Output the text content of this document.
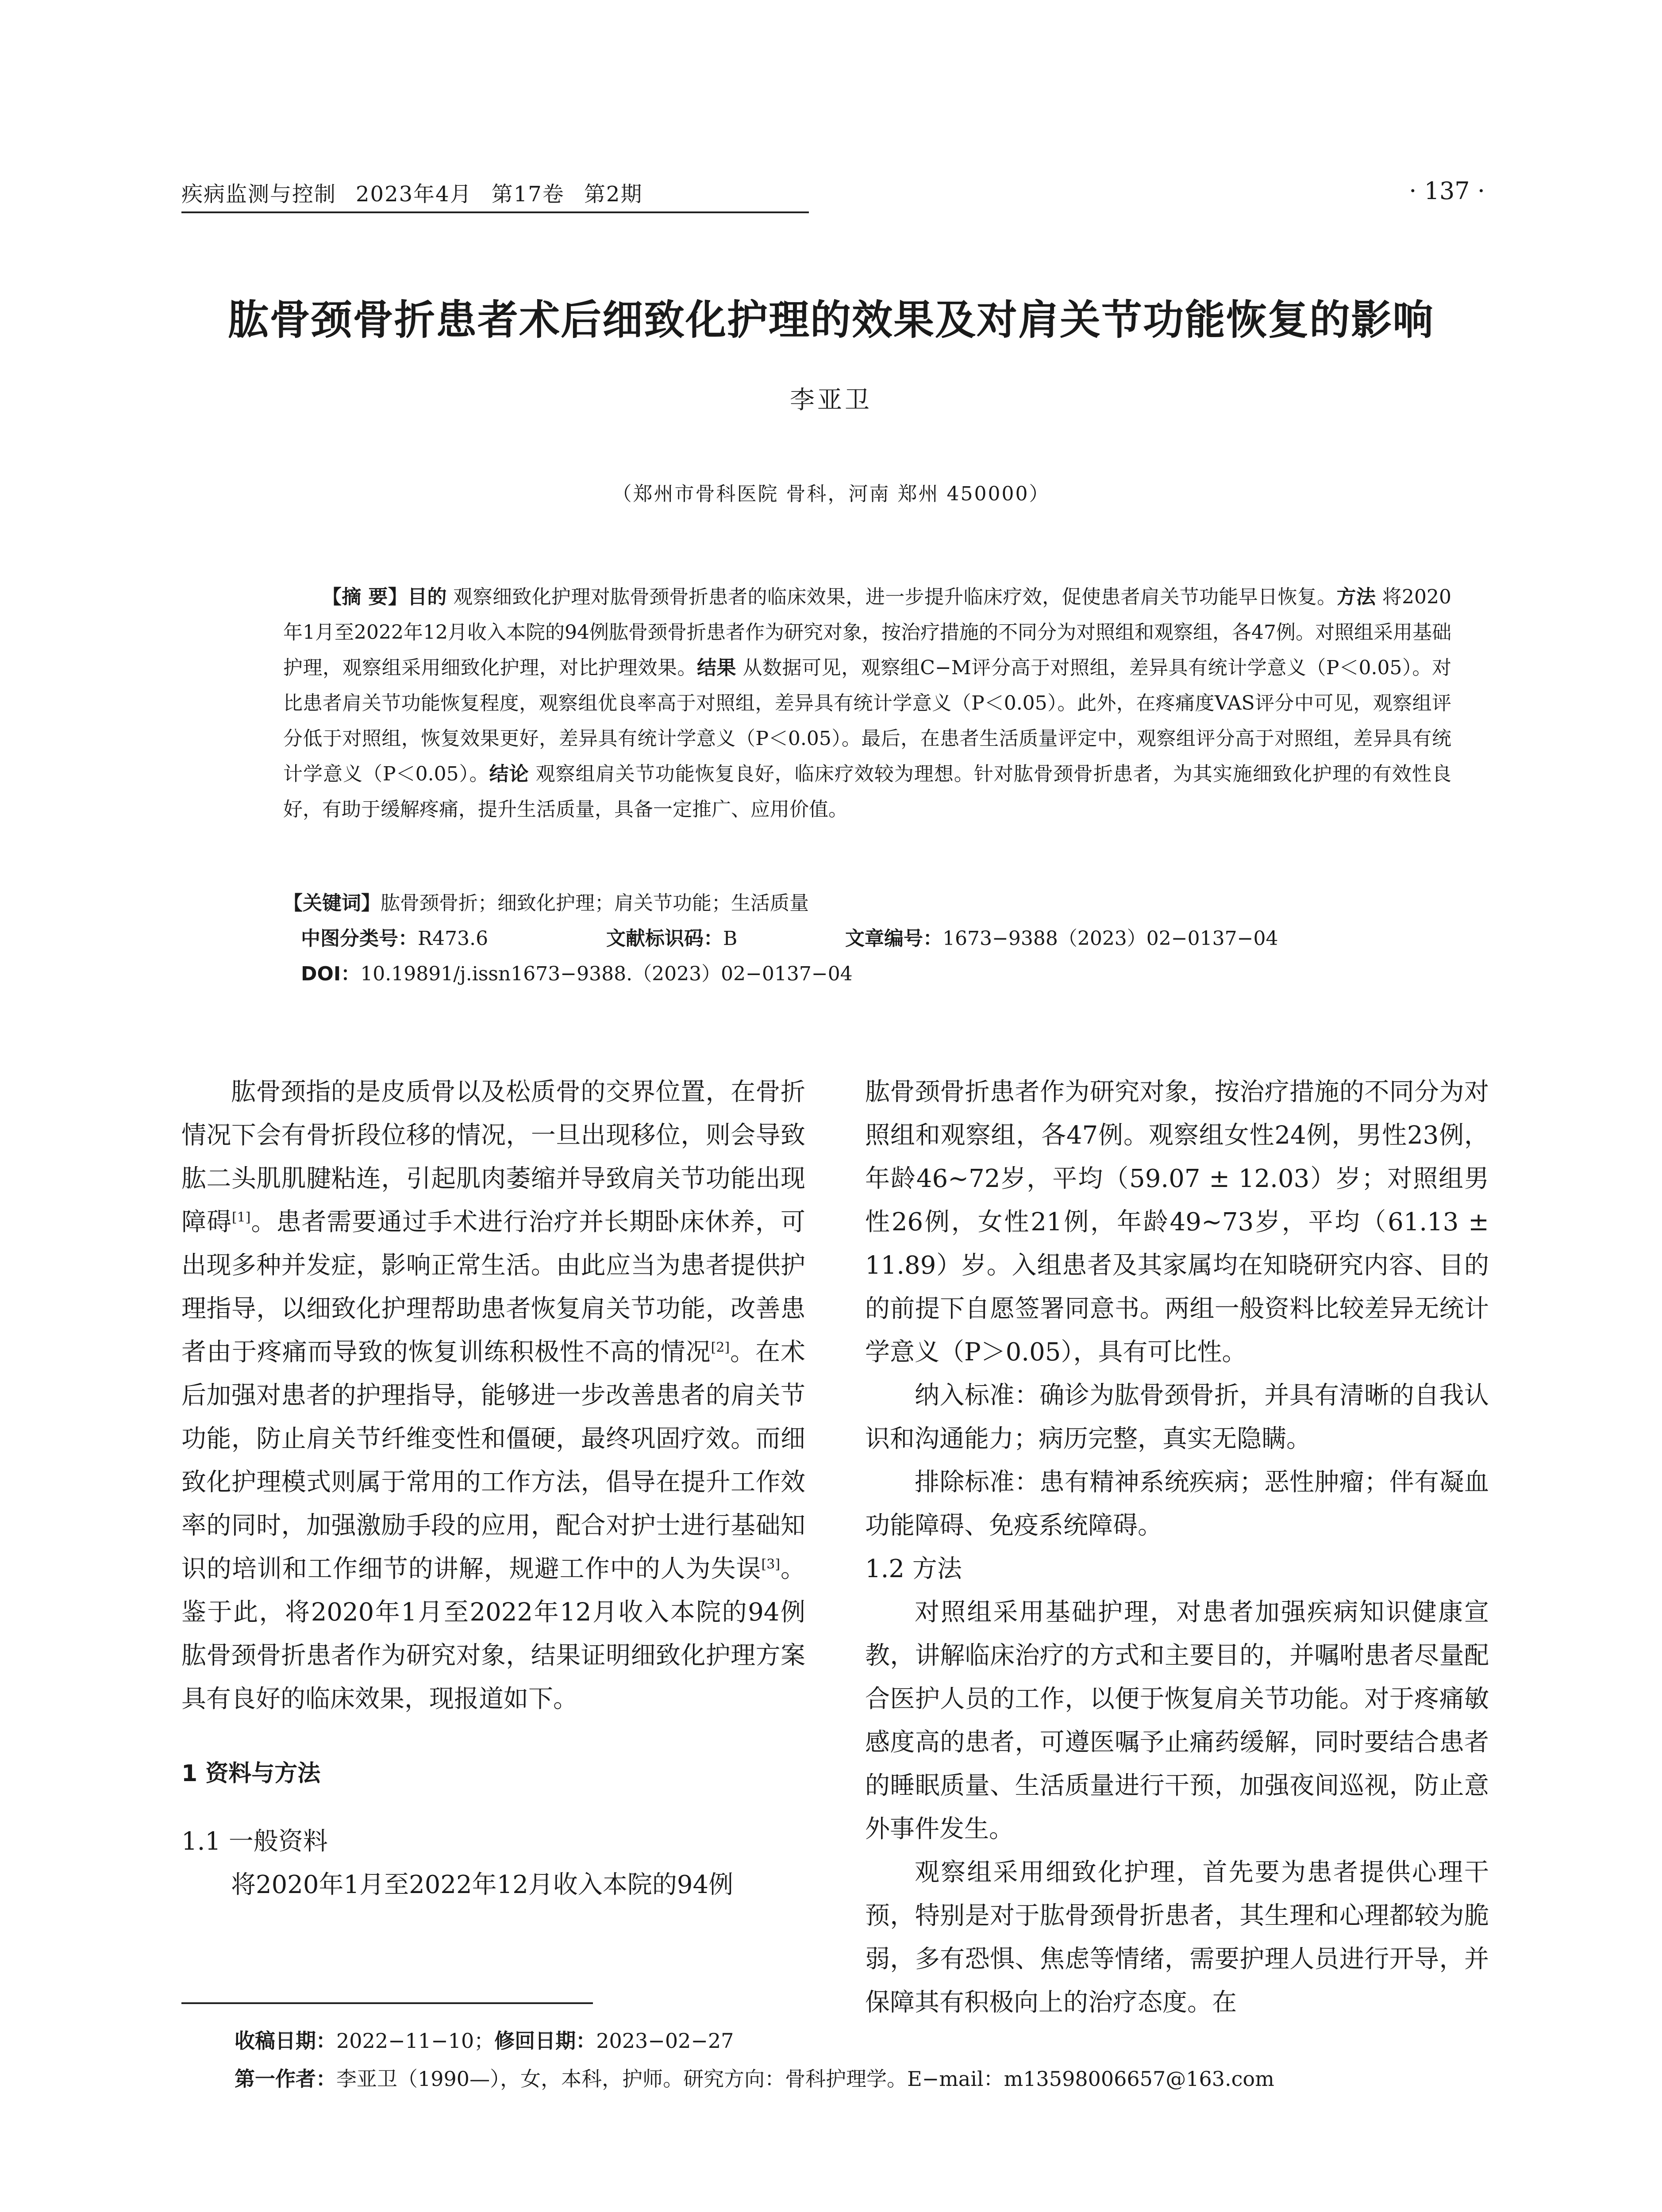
疾病监测与控制 2023年4月 第17卷 第2期	· 137 ·
肱骨颈骨折患者术后细致化护理的效果及对肩关节功能恢复的影响
李亚卫
（郑州市骨科医院 骨科，河南 郑州 450000）

【摘 要】目的 观察细致化护理对肱骨颈骨折患者的临床效果，进一步提升临床疗效，促使患者肩关节功能早日恢复。方法 将2020年1月至2022年12月收入本院的94例肱骨颈骨折患者作为研究对象，按治疗措施的不同分为对照组和观察组，各47例。对照组采用基础护理，观察组采用细致化护理，对比护理效果。结果 从数据可见，观察组C−M评分高于对照组，差异具有统计学意义（P＜0.05）。对比患者肩关节功能恢复程度，观察组优良率高于对照组，差异具有统计学意义（P＜0.05）。此外，在疼痛度VAS评分中可见，观察组评分低于对照组，恢复效果更好，差异具有统计学意义（P＜0.05）。最后，在患者生活质量评定中，观察组评分高于对照组，差异具有统计学意义（P＜0.05）。结论 观察组肩关节功能恢复良好，临床疗效较为理想。针对肱骨颈骨折患者，为其实施细致化护理的有效性良好，有助于缓解疼痛，提升生活质量，具备一定推广、应用价值。

【关键词】肱骨颈骨折；细致化护理；肩关节功能；生活质量
中图分类号：R473.6	文献标识码：B	文章编号：1673−9388（2023）02−0137−04
DOI：10.19891/j.issn1673−9388.（2023）02−0137−04

肱骨颈指的是皮质骨以及松质骨的交界位置，在骨折情况下会有骨折段位移的情况，一旦出现移位，则会导致肱二头肌肌腱粘连，引起肌肉萎缩并导致肩关节功能出现障碍[1]。患者需要通过手术进行治疗并长期卧床休养，可出现多种并发症，影响正常生活。由此应当为患者提供护理指导，以细致化护理帮助患者恢复肩关节功能，改善患者由于疼痛而导致的恢复训练积极性不高的情况[2]。在术后加强对患者的护理指导，能够进一步改善患者的肩关节功能，防止肩关节纤维变性和僵硬，最终巩固疗效。而细致化护理模式则属于常用的工作方法，倡导在提升工作效率的同时，加强激励手段的应用，配合对护士进行基础知识的培训和工作细节的讲解，规避工作中的人为失误[3]。鉴于此，将2020年1月至2022年12月收入本院的94例肱骨颈骨折患者作为研究对象，结果证明细致化护理方案具有良好的临床效果，现报道如下。

1 资料与方法

1.1 一般资料

将2020年1月至2022年12月收入本院的94例

肱骨颈骨折患者作为研究对象，按治疗措施的不同分为对照组和观察组，各47例。观察组女性24例，男性23例，年龄46~72岁，平均（59.07 ± 12.03）岁；对照组男性26例，女性21例，年龄49~73岁，平均（61.13 ± 11.89）岁。入组患者及其家属均在知晓研究内容、目的的前提下自愿签署同意书。两组一般资料比较差异无统计学意义（P＞0.05），具有可比性。

纳入标准：确诊为肱骨颈骨折，并具有清晰的自我认识和沟通能力；病历完整，真实无隐瞒。

排除标准：患有精神系统疾病；恶性肿瘤；伴有凝血功能障碍、免疫系统障碍。

1.2 方法

对照组采用基础护理，对患者加强疾病知识健康宣教，讲解临床治疗的方式和主要目的，并嘱咐患者尽量配合医护人员的工作，以便于恢复肩关节功能。对于疼痛敏感度高的患者，可遵医嘱予止痛药缓解，同时要结合患者的睡眠质量、生活质量进行干预，加强夜间巡视，防止意外事件发生。

观察组采用细致化护理，首先要为患者提供心理干预，特别是对于肱骨颈骨折患者，其生理和心理都较为脆弱，多有恐惧、焦虑等情绪，需要护理人员进行开导，并保障其有积极向上的治疗态度。在

收稿日期：2022−11−10；修回日期：2023−02−27
第一作者：李亚卫（1990—），女，本科，护师。研究方向：骨科护理学。E−mail：m13598006657@163.com
